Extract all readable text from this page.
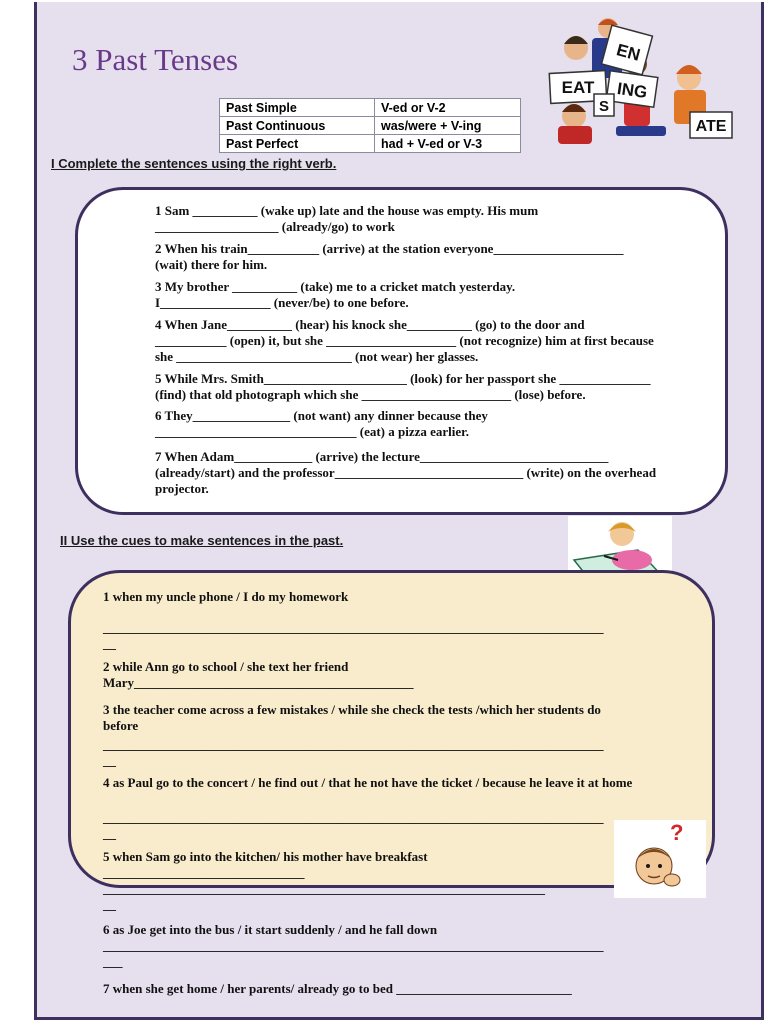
3 Past Tenses
Past Simple	V-ed or V-2
Past Continuous	was/were + V-ing
Past Perfect	had + V-ed or V-3
EAT
EN
ING
S
ATE
I Complete the sentences using the right verb.
1 Sam __________ (wake up) late and the house was empty. His mum
___________________ (already/go) to work
2 When his train___________ (arrive) at the station everyone____________________
(wait) there for him.
3 My brother __________ (take) me to a cricket match yesterday.
I_________________ (never/be) to one before.
4 When Jane__________ (hear) his knock she__________ (go) to the door and
___________ (open) it, but she ____________________ (not recognize) him at first because
she ___________________________ (not wear) her glasses.
5 While Mrs. Smith______________________ (look) for her passport she ______________
(find) that old photograph which she _______________________ (lose) before.
6 They_______________ (not want) any dinner because they
_______________________________ (eat) a pizza earlier.
7 When Adam____________ (arrive) the lecture_____________________________
(already/start) and the professor_____________________________ (write) on the overhead
projector.
II Use the cues to make sentences in the past.
1 when my uncle phone / I do my homework
_____________________________________________________________________________
__
2 while Ann go to school / she text her friend
Mary___________________________________________
3 the teacher come across a few mistakes / while she check the tests /which her students do
before
_____________________________________________________________________________
__
4 as Paul go to the concert / he find out / that he not have the ticket / because he leave it at home
_____________________________________________________________________________
__
5 when Sam go into the kitchen/ his mother have breakfast
_______________________________
____________________________________________________________________
__
6 as Joe get into the bus / it start suddenly / and he fall down
_____________________________________________________________________________
___
7 when she get home / her parents/ already go to bed ___________________________
?
